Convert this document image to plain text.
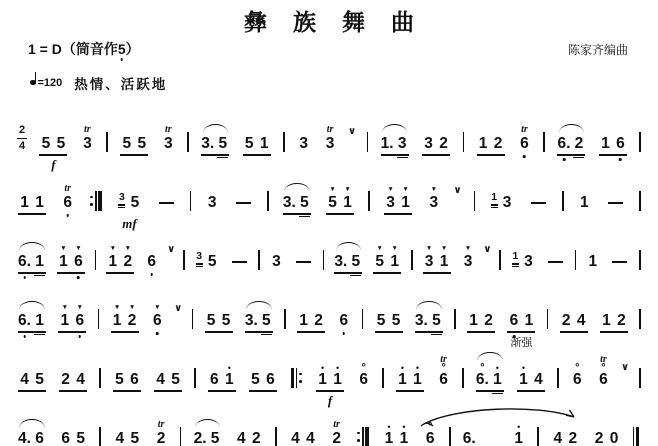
彝族舞曲
1 = D（筒音作5）	陈家齐编曲
=120 热情、活跃地
2
4 5 5
f
tr
3 5 5
tr
3 3. 5 5 1 3
tr
3
∨
1. 3 3 2 1 2
tr
6 6. 2 1 6
1 1
tr
6	3 5
mf
3	3. 5
▼
5
▼
1
▼
3
▼
1
▼
3
∨
1 3	1
6. 1
▼
1
▼
6
▼
1
▼
2 6
∨
3 5	3	3. 5
▼
5
▼
1
▼
3
▼
1
▼
3
∨
1 3	1
6. 1
▼
1
▼
6
▼
1
▼
2
▼
6
∨
5 5 3. 5 1 2 6 5 5 3. 5 1 2 6 1
渐强
2 4 1 2
4 5 2 4 5 6 4 5 6
•
1 5 6
•
1
•
1
f
°
6
•
1
•
1
tr
°
6
°
6.
•
1
•
1 4
°
6
tr
°
6
∨
4. 6 6 5 4 5
tr
2 2. 5 4 2 4 4
tr
2
•
1
•
1
°
6 6.
•
1 4 2 2 0
